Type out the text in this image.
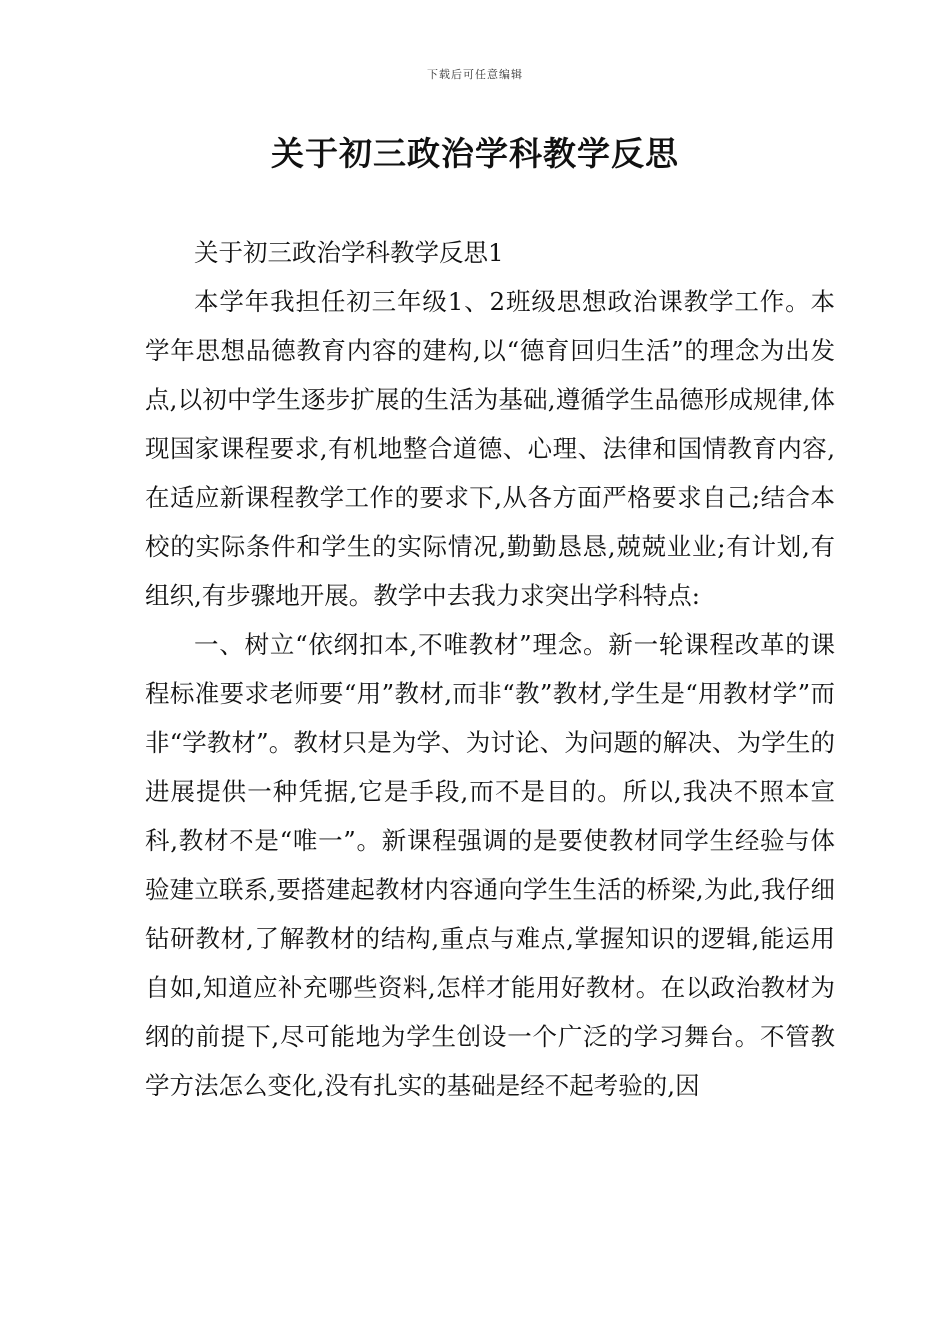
下载后可任意编辑
关于初三政治学科教学反思

关于初三政治学科教学反思1

本学年我担任初三年级1、2班级思想政治课教学工作。本学年思想品德教育内容的建构,以“德育回归生活”的理念为出发点,以初中学生逐步扩展的生活为基础,遵循学生品德形成规律,体现国家课程要求,有机地整合道德、心理、法律和国情教育内容,在适应新课程教学工作的要求下,从各方面严格要求自己;结合本校的实际条件和学生的实际情况,勤勤恳恳,兢兢业业;有计划,有组织,有步骤地开展。教学中去我力求突出学科特点:

一、树立“依纲扣本,不唯教材”理念。新一轮课程改革的课程标准要求老师要“用”教材,而非“教”教材,学生是“用教材学”而非“学教材”。教材只是为学、为讨论、为问题的解决、为学生的进展提供一种凭据,它是手段,而不是目的。所以,我决不照本宣科,教材不是“唯一”。新课程强调的是要使教材同学生经验与体验建立联系,要搭建起教材内容通向学生生活的桥梁,为此,我仔细钻研教材,了解教材的结构,重点与难点,掌握知识的逻辑,能运用自如,知道应补充哪些资料,怎样才能用好教材。在以政治教材为纲的前提下,尽可能地为学生创设一个广泛的学习舞台。不管教学方法怎么变化,没有扎实的基础是经不起考验的,因
